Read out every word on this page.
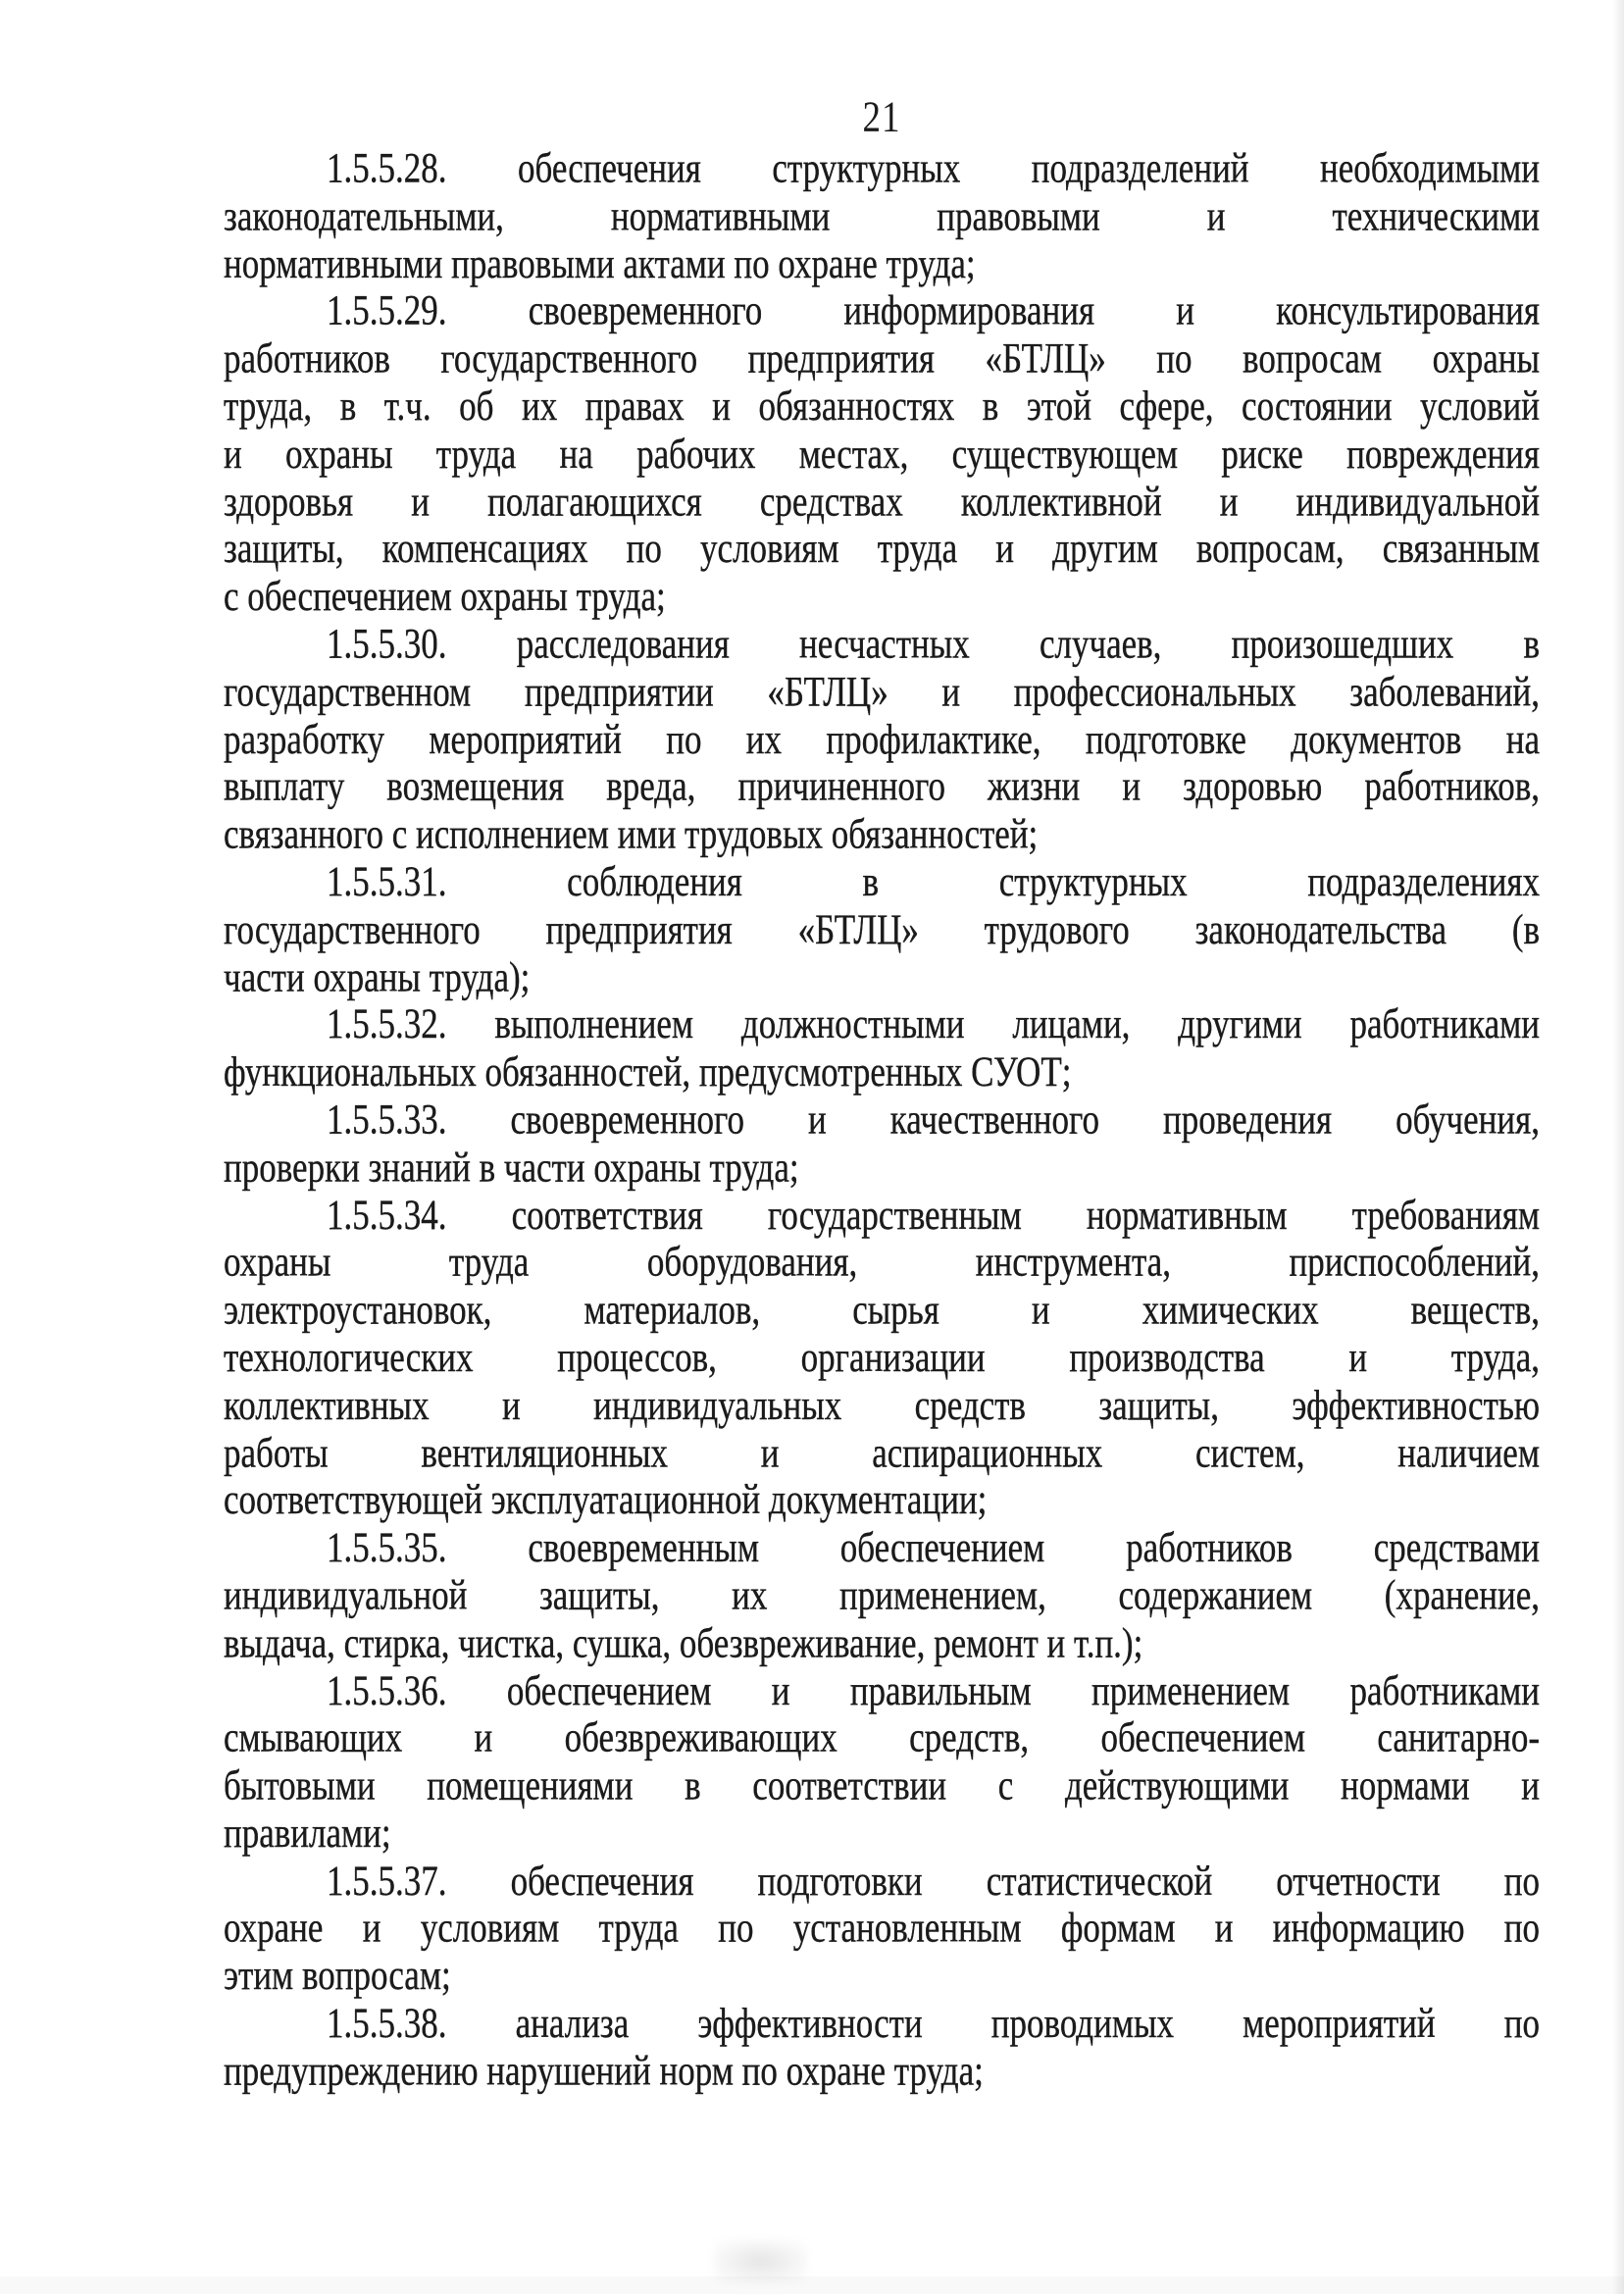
21
1.5.5.28. обеспечения структурных подразделений необходимыми
законодательными, нормативными правовыми и техническими
нормативными правовыми актами по охране труда;
1.5.5.29. своевременного информирования и консультирования
работников государственного предприятия «БТЛЦ» по вопросам охраны
труда, в т.ч. об их правах и обязанностях в этой сфере, состоянии условий
и охраны труда на рабочих местах, существующем риске повреждения
здоровья и полагающихся средствах коллективной и индивидуальной
защиты, компенсациях по условиям труда и другим вопросам, связанным
с обеспечением охраны труда;
1.5.5.30. расследования несчастных случаев, произошедших в
государственном предприятии «БТЛЦ» и профессиональных заболеваний,
разработку мероприятий по их профилактике, подготовке документов на
выплату возмещения вреда, причиненного жизни и здоровью работников,
связанного с исполнением ими трудовых обязанностей;
1.5.5.31. соблюдения в структурных подразделениях
государственного предприятия «БТЛЦ» трудового законодательства (в
части охраны труда);
1.5.5.32. выполнением должностными лицами, другими работниками
функциональных обязанностей, предусмотренных СУОТ;
1.5.5.33. своевременного и качественного проведения обучения,
проверки знаний в части охраны труда;
1.5.5.34. соответствия государственным нормативным требованиям
охраны труда оборудования, инструмента, приспособлений,
электроустановок, материалов, сырья и химических веществ,
технологических процессов, организации производства и труда,
коллективных и индивидуальных средств защиты, эффективностью
работы вентиляционных и аспирационных систем, наличием
соответствующей эксплуатационной документации;
1.5.5.35. своевременным обеспечением работников средствами
индивидуальной защиты, их применением, содержанием (хранение,
выдача, стирка, чистка, сушка, обезвреживание, ремонт и т.п.);
1.5.5.36. обеспечением и правильным применением работниками
смывающих и обезвреживающих средств, обеспечением санитарно-
бытовыми помещениями в соответствии с действующими нормами и
правилами;
1.5.5.37. обеспечения подготовки статистической отчетности по
охране и условиям труда по установленным формам и информацию по
этим вопросам;
1.5.5.38. анализа эффективности проводимых мероприятий по
предупреждению нарушений норм по охране труда;
